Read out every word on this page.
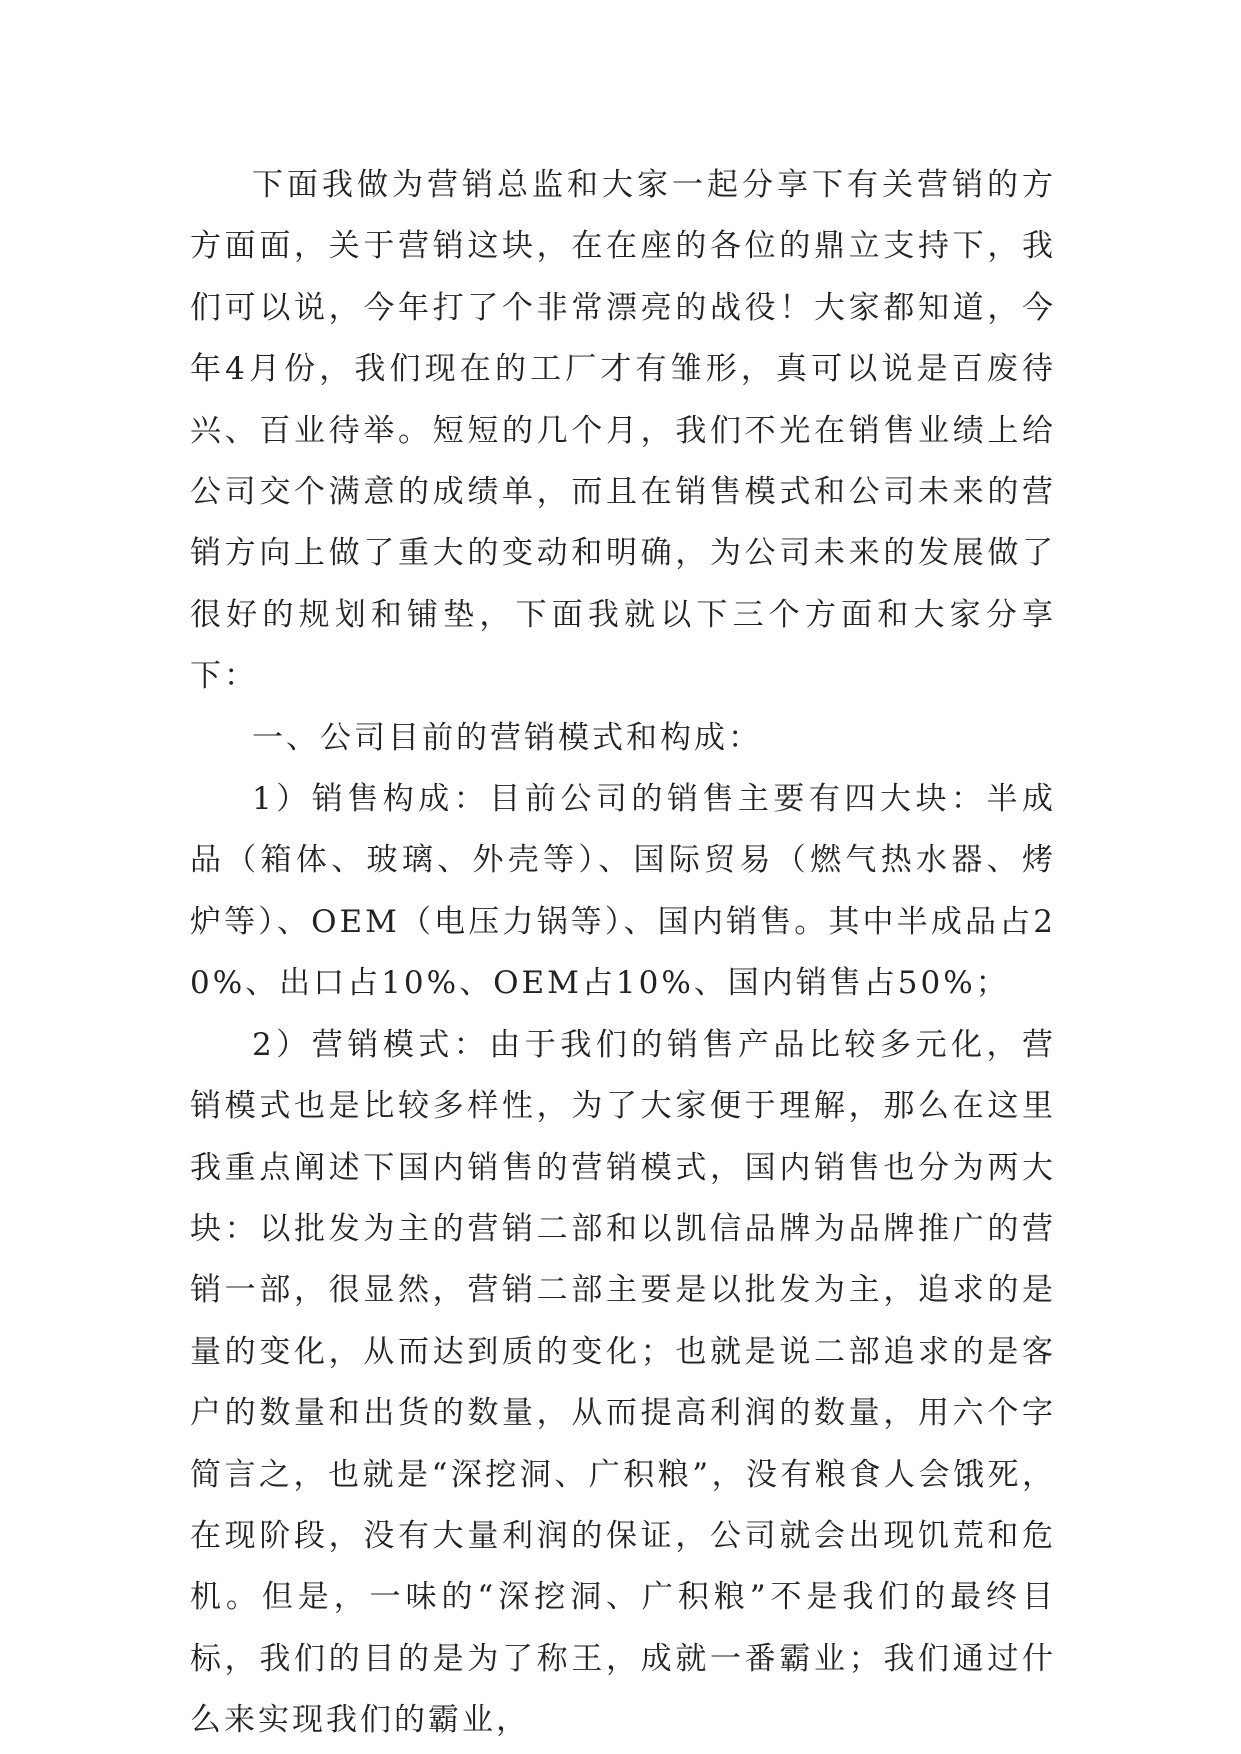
下面我做为营销总监和大家一起分享下有关营销的方方面面，关于营销这块，在在座的各位的鼎立支持下，我们可以说，今年打了个非常漂亮的战役！大家都知道，今年4月份，我们现在的工厂才有雏形，真可以说是百废待兴、百业待举。短短的几个月，我们不光在销售业绩上给公司交个满意的成绩单，而且在销售模式和公司未来的营销方向上做了重大的变动和明确，为公司未来的发展做了很好的规划和铺垫，下面我就以下三个方面和大家分享下：

一、公司目前的营销模式和构成：

1）销售构成：目前公司的销售主要有四大块：半成品（箱体、玻璃、外壳等）、国际贸易（燃气热水器、烤炉等）、OEM（电压力锅等）、国内销售。其中半成品占20%、出口占10%、OEM占10%、国内销售占50%；

2）营销模式：由于我们的销售产品比较多元化，营销模式也是比较多样性，为了大家便于理解，那么在这里我重点阐述下国内销售的营销模式，国内销售也分为两大块：以批发为主的营销二部和以凯信品牌为品牌推广的营销一部，很显然，营销二部主要是以批发为主，追求的是量的变化，从而达到质的变化；也就是说二部追求的是客户的数量和出货的数量，从而提高利润的数量，用六个字简言之，也就是“深挖洞、广积粮”，没有粮食人会饿死，在现阶段，没有大量利润的保证，公司就会出现饥荒和危机。但是，一味的“深挖洞、广积粮”不是我们的最终目标，我们的目的是为了称王，成就一番霸业；我们通过什么来实现我们的霸业，
